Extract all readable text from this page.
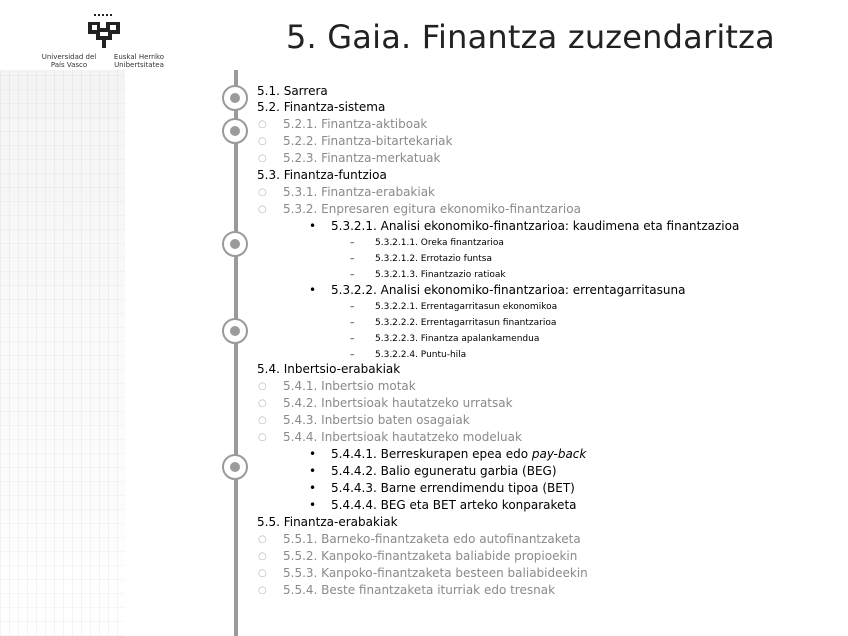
Universidad del País Vasco
Euskal Herriko Unibertsitatea
5. Gaia. Finantza zuzendaritza
5.1. Sarrera
5.2. Finantza-sistema
○ 5.2.1. Finantza-aktiboak
○ 5.2.2. Finantza-bitartekariak
○ 5.2.3. Finantza-merkatuak
5.3. Finantza-funtzioa
○ 5.3.1. Finantza-erabakiak
○ 5.3.2. Enpresaren egitura ekonomiko-finantzarioa
• 5.3.2.1. Analisi ekonomiko-finantzarioa: kaudimena eta finantzazioa
– 5.3.2.1.1. Oreka finantzarioa
– 5.3.2.1.2. Errotazio funtsa
– 5.3.2.1.3. Finantzazio ratioak
• 5.3.2.2. Analisi ekonomiko-finantzarioa: errentagarritasuna
– 5.3.2.2.1. Errentagarritasun ekonomikoa
– 5.3.2.2.2. Errentagarritasun finantzarioa
– 5.3.2.2.3. Finantza apalankamendua
– 5.3.2.2.4. Puntu-hila
5.4. Inbertsio-erabakiak
○ 5.4.1. Inbertsio motak
○ 5.4.2. Inbertsioak hautatzeko urratsak
○ 5.4.3. Inbertsio baten osagaiak
○ 5.4.4. Inbertsioak hautatzeko modeluak
• 5.4.4.1. Berreskurapen epea edo pay-back
• 5.4.4.2. Balio eguneratu garbia (BEG)
• 5.4.4.3. Barne errendimendu tipoa (BET)
• 5.4.4.4. BEG eta BET arteko konparaketa
5.5. Finantza-erabakiak
○ 5.5.1. Barneko-finantzaketa edo autofinantzaketa
○ 5.5.2. Kanpoko-finantzaketa baliabide propioekin
○ 5.5.3. Kanpoko-finantzaketa besteen baliabideekin
○ 5.5.4. Beste finantzaketa iturriak edo tresnak
